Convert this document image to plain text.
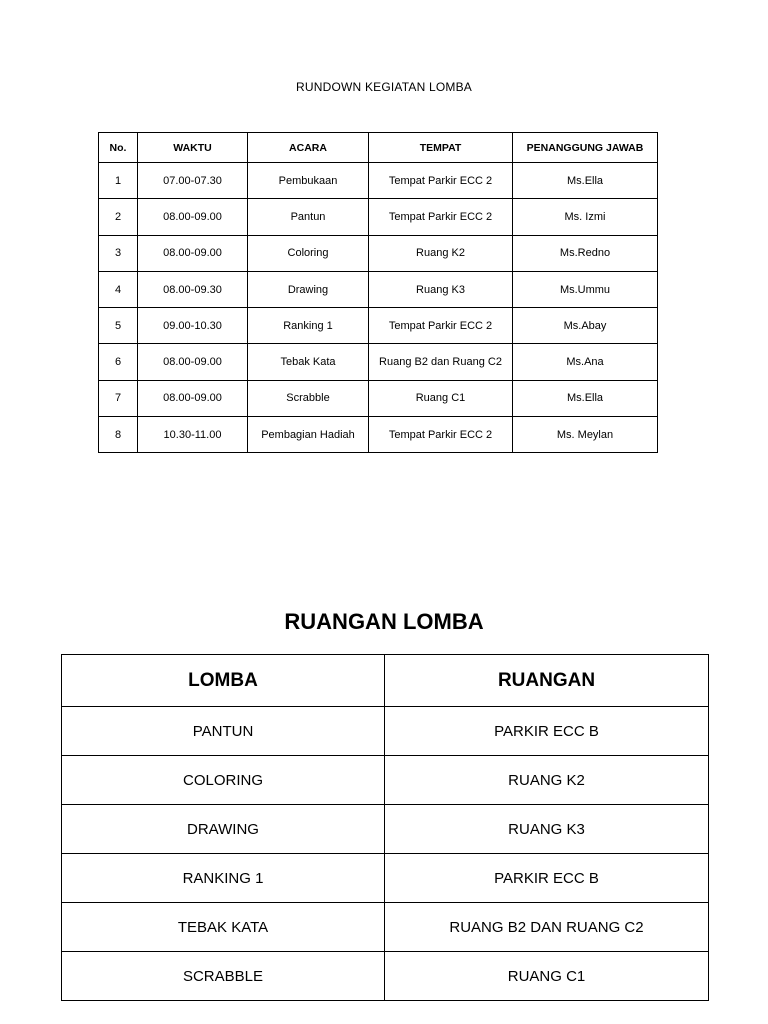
RUNDOWN KEGIATAN LOMBA
No.	WAKTU	ACARA	TEMPAT	PENANGGUNG JAWAB
1	07.00-07.30	Pembukaan	Tempat Parkir ECC 2	Ms.Ella
2	08.00-09.00	Pantun	Tempat Parkir ECC 2	Ms. Izmi
3	08.00-09.00	Coloring	Ruang K2	Ms.Redno
4	08.00-09.30	Drawing	Ruang K3	Ms.Ummu
5	09.00-10.30	Ranking 1	Tempat Parkir ECC 2	Ms.Abay
6	08.00-09.00	Tebak Kata	Ruang B2 dan Ruang C2	Ms.Ana
7	08.00-09.00	Scrabble	Ruang C1	Ms.Ella
8	10.30-11.00	Pembagian Hadiah	Tempat Parkir ECC 2	Ms. Meylan
RUANGAN LOMBA
LOMBA	RUANGAN
PANTUN	PARKIR ECC B
COLORING	RUANG K2
DRAWING	RUANG K3
RANKING 1	PARKIR ECC B
TEBAK KATA	RUANG B2 DAN RUANG C2
SCRABBLE	RUANG C1
